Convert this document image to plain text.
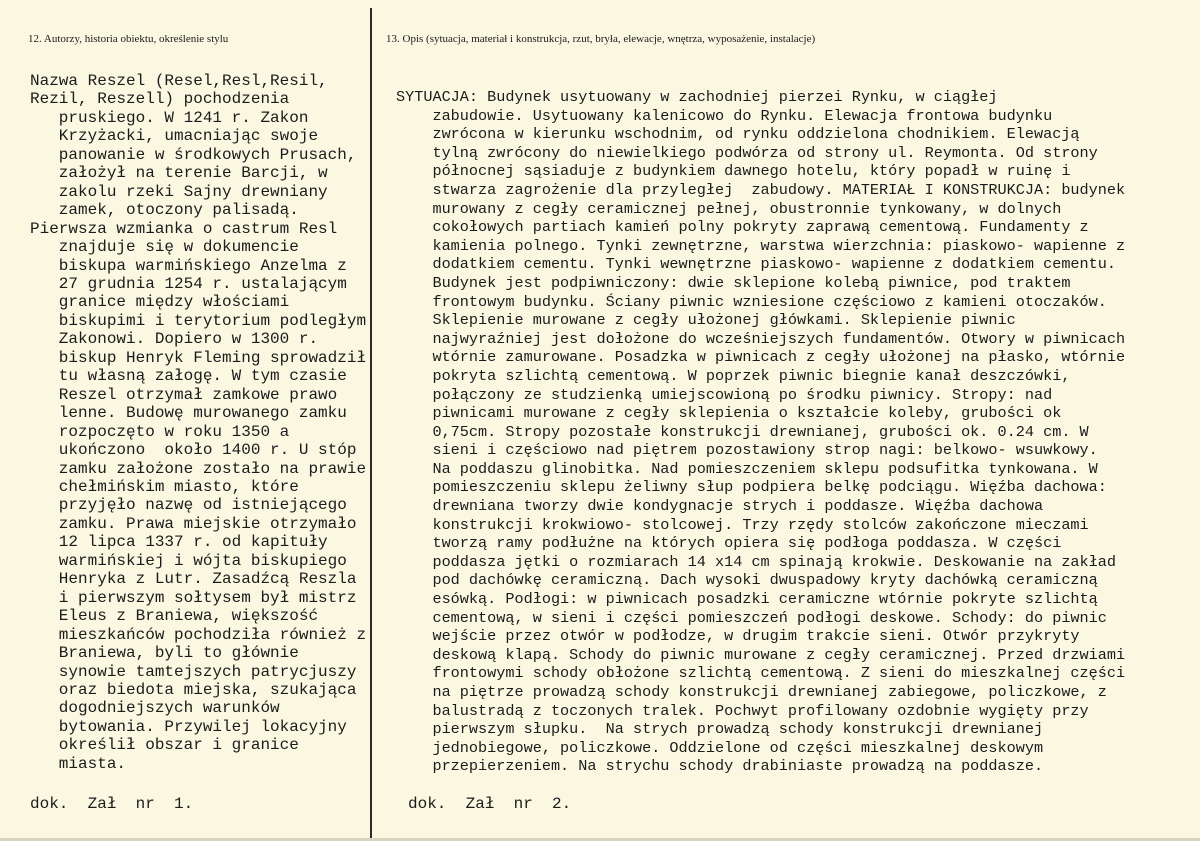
12. Autorzy, historia obiektu, określenie stylu	13. Opis (sytuacja, materiał i konstrukcja, rzut, bryła, elewacje, wnętrza, wyposażenie, instalacje)
Nazwa Reszel (Resel,Resl,Resil,
Rezil, Reszell) pochodzenia
pruskiego. W 1241 r. Zakon
Krzyżacki, umacniając swoje
panowanie w środkowych Prusach,
założył na terenie Barcji, w
zakolu rzeki Sajny drewniany
zamek, otoczony palisadą.
Pierwsza wzmianka o castrum Resl
znajduje się w dokumencie
biskupa warmińskiego Anzelma z
27 grudnia 1254 r. ustalającym
granice między włościami
biskupimi i terytorium podległym
Zakonowi. Dopiero w 1300 r.
biskup Henryk Fleming sprowadził
tu własną załogę. W tym czasie
Reszel otrzymał zamkowe prawo
lenne. Budowę murowanego zamku
rozpoczęto w roku 1350 a
ukończono  około 1400 r. U stóp
zamku założone zostało na prawie
chełmińskim miasto, które
przyjęło nazwę od istniejącego
zamku. Prawa miejskie otrzymało
12 lipca 1337 r. od kapituły
warmińskiej i wójta biskupiego
Henryka z Lutr. Zasadźcą Reszla
i pierwszym sołtysem był mistrz
Eleus z Braniewa, większość
mieszkańców pochodziła również z
Braniewa, byli to głównie
synowie tamtejszych patrycjuszy
oraz biedota miejska, szukająca
dogodniejszych warunków
bytowania. Przywilej lokacyjny
określił obszar i granice
miasta.
SYTUACJA: Budynek usytuowany w zachodniej pierzei Rynku, w ciągłej
zabudowie. Usytuowany kalenicowo do Rynku. Elewacja frontowa budynku
zwrócona w kierunku wschodnim, od rynku oddzielona chodnikiem. Elewacją
tylną zwrócony do niewielkiego podwórza od strony ul. Reymonta. Od strony
północnej sąsiaduje z budynkiem dawnego hotelu, który popadł w ruinę i
stwarza zagrożenie dla przyległej  zabudowy. MATERIAŁ I KONSTRUKCJA: budynek
murowany z cegły ceramicznej pełnej, obustronnie tynkowany, w dolnych
cokołowych partiach kamień polny pokryty zaprawą cementową. Fundamenty z
kamienia polnego. Tynki zewnętrzne, warstwa wierzchnia: piaskowo- wapienne z
dodatkiem cementu. Tynki wewnętrzne piaskowo- wapienne z dodatkiem cementu.
Budynek jest podpiwniczony: dwie sklepione kolebą piwnice, pod traktem
frontowym budynku. Ściany piwnic wzniesione częściowo z kamieni otoczaków.
Sklepienie murowane z cegły ułożonej główkami. Sklepienie piwnic
najwyraźniej jest dołożone do wcześniejszych fundamentów. Otwory w piwnicach
wtórnie zamurowane. Posadzka w piwnicach z cegły ułożonej na płasko, wtórnie
pokryta szlichtą cementową. W poprzek piwnic biegnie kanał deszczówki,
połączony ze studzienką umiejscowioną po środku piwnicy. Stropy: nad
piwnicami murowane z cegły sklepienia o kształcie koleby, grubości ok
0,75cm. Stropy pozostałe konstrukcji drewnianej, grubości ok. 0.24 cm. W
sieni i częściowo nad piętrem pozostawiony strop nagi: belkowo- wsuwkowy.
Na poddaszu glinobitka. Nad pomieszczeniem sklepu podsufitka tynkowana. W
pomieszczeniu sklepu żeliwny słup podpiera belkę podciągu. Więźba dachowa:
drewniana tworzy dwie kondygnacje strych i poddasze. Więźba dachowa
konstrukcji krokwiowo- stolcowej. Trzy rzędy stolców zakończone mieczami
tworzą ramy podłużne na których opiera się podłoga poddasza. W części
poddasza jętki o rozmiarach 14 x14 cm spinają krokwie. Deskowanie na zakład
pod dachówkę ceramiczną. Dach wysoki dwuspadowy kryty dachówką ceramiczną
esówką. Podłogi: w piwnicach posadzki ceramiczne wtórnie pokryte szlichtą
cementową, w sieni i części pomieszczeń podłogi deskowe. Schody: do piwnic
wejście przez otwór w podłodze, w drugim trakcie sieni. Otwór przykryty
deskową klapą. Schody do piwnic murowane z cegły ceramicznej. Przed drzwiami
frontowymi schody obłożone szlichtą cementową. Z sieni do mieszkalnej części
na piętrze prowadzą schody konstrukcji drewnianej zabiegowe, policzkowe, z
balustradą z toczonych tralek. Pochwyt profilowany ozdobnie wygięty przy
pierwszym słupku.  Na strych prowadzą schody konstrukcji drewnianej
jednobiegowe, policzkowe. Oddzielone od części mieszkalnej deskowym
przepierzeniem. Na strychu schody drabiniaste prowadzą na poddasze.
dok.  Zał  nr  1.	dok.  Zał  nr  2.
